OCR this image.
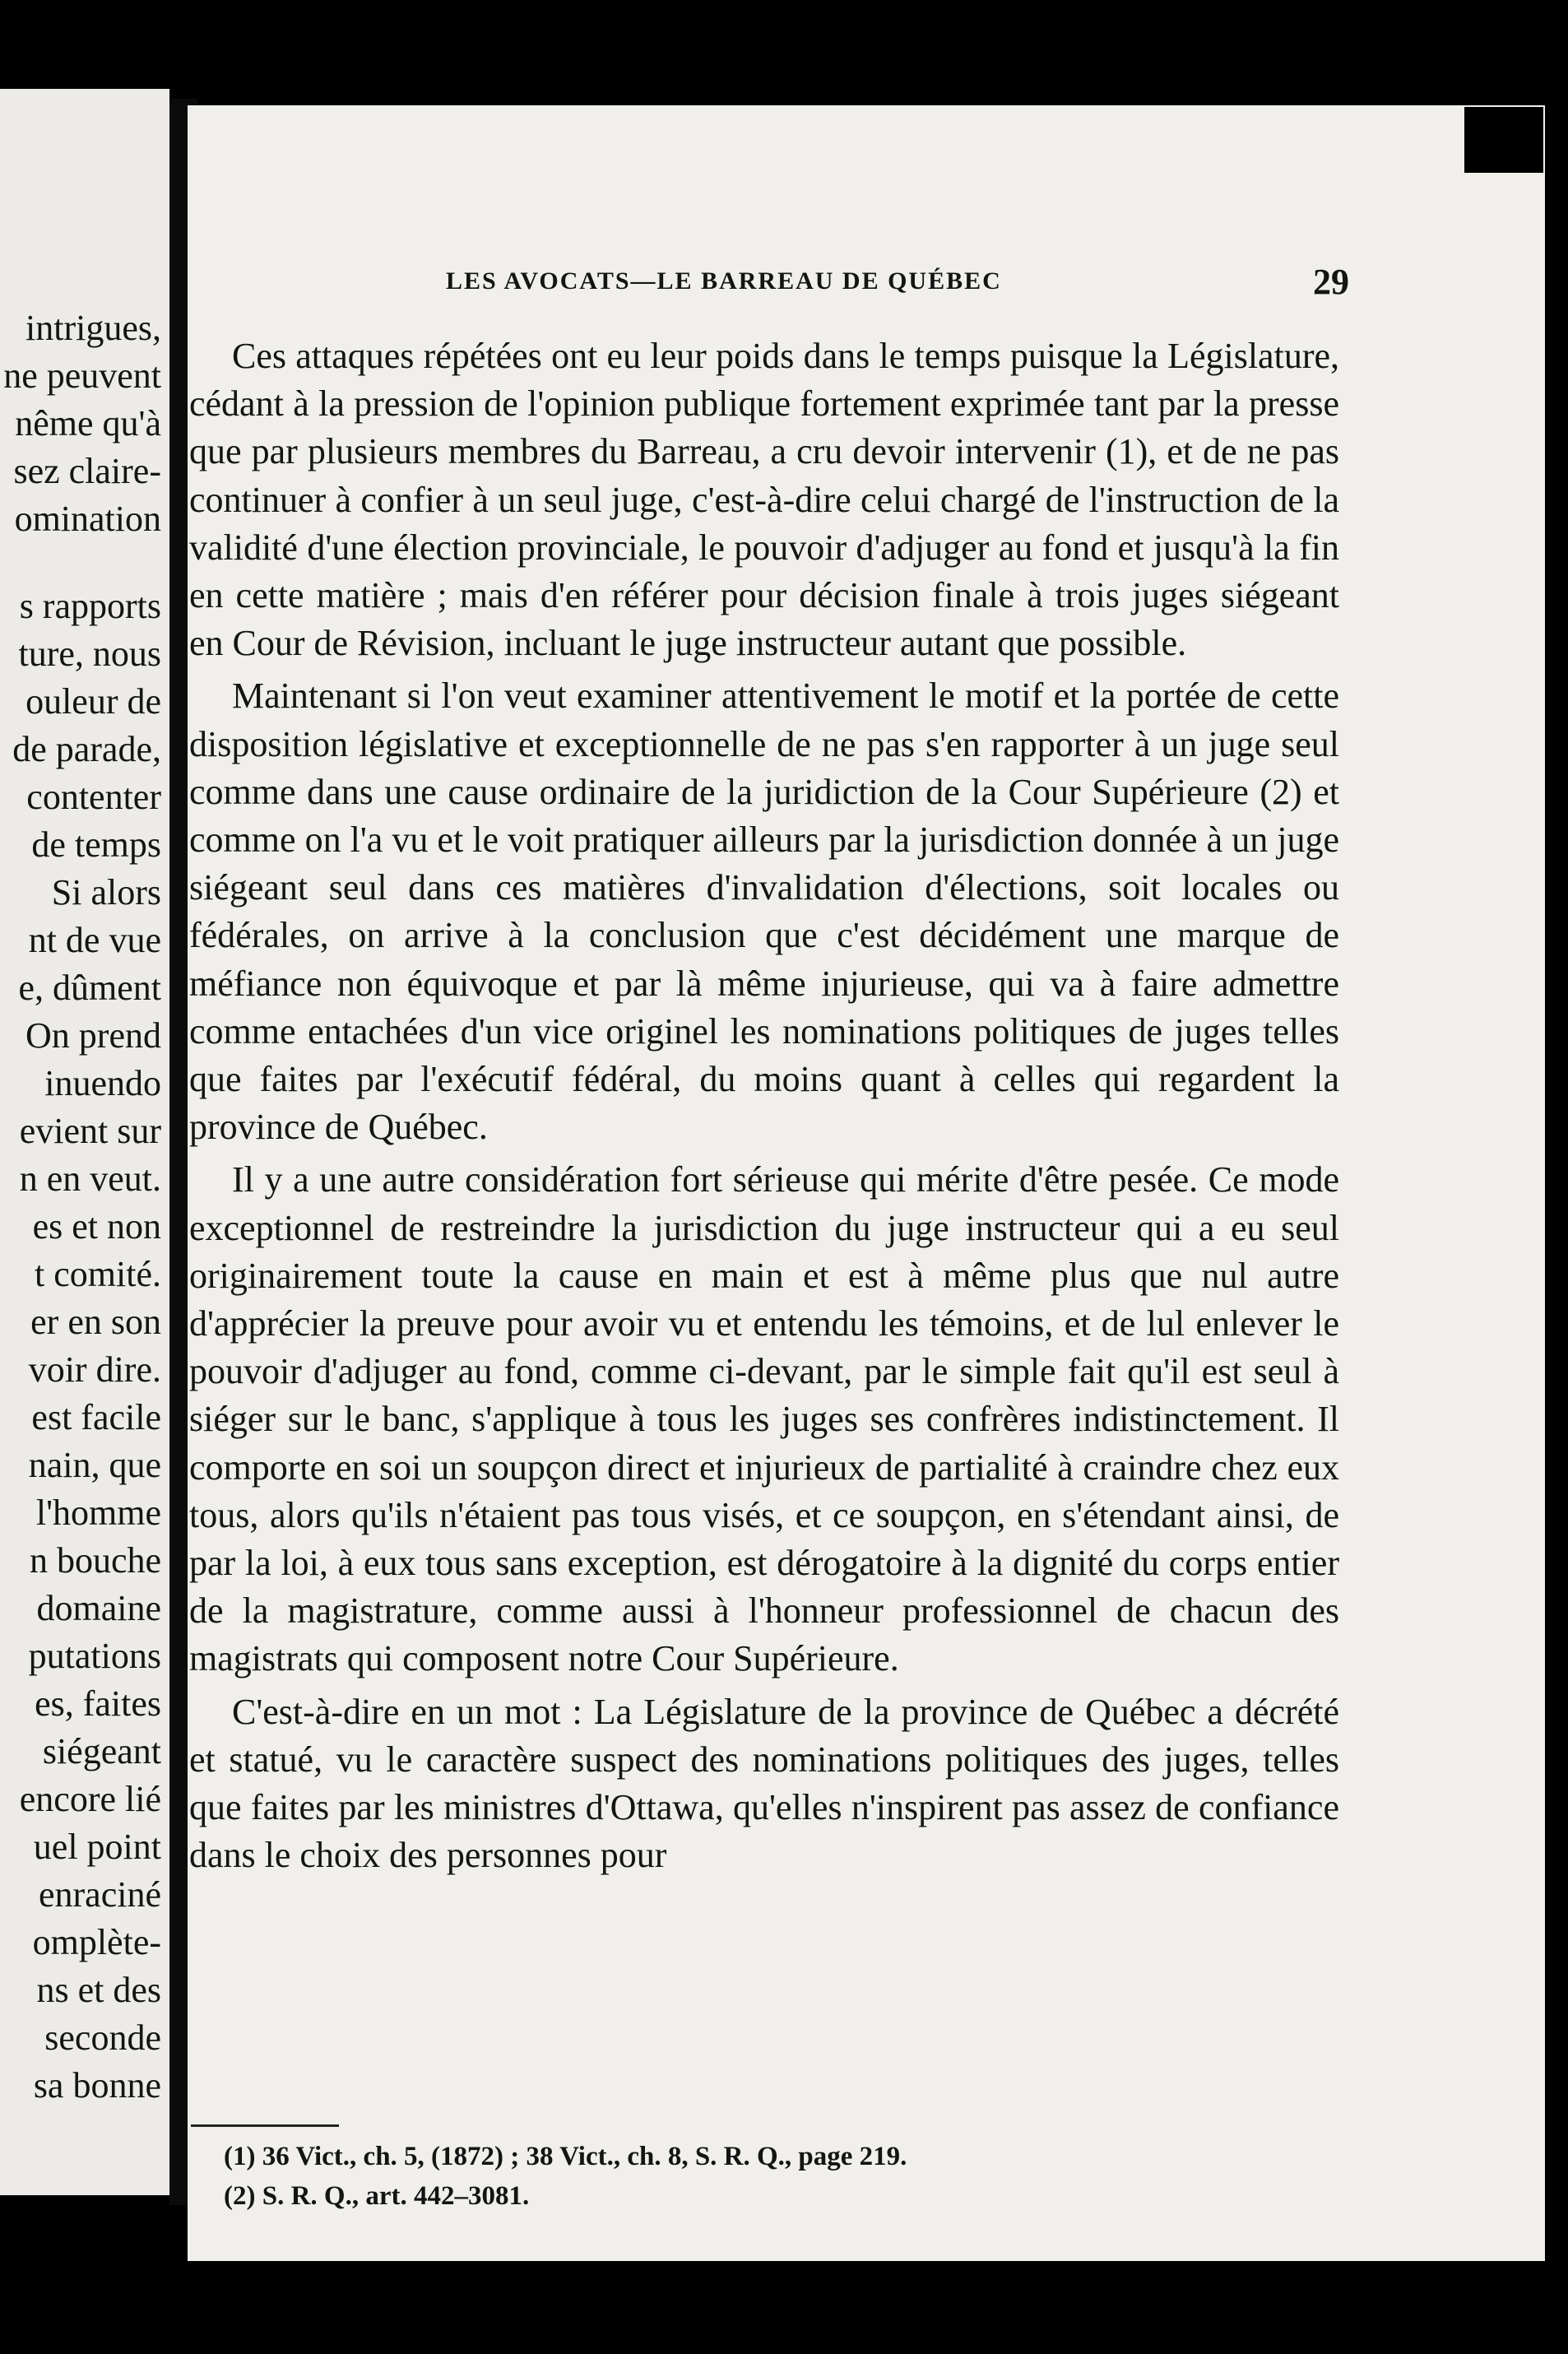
intrigues,
ne peuvent
nême qu'à
sez claire-
omination
s rapports
ture, nous
ouleur de
de parade,
contenter
de temps
Si alors
nt de vue
e, dûment
On prend
inuendo
evient sur
n en veut.
es et non
t comité.
er en son
voir dire.
est facile
nain, que
l'homme
n bouche
domaine
putations
es, faites
siégeant
encore lié
uel point
enraciné
omplète-
ns et des
seconde
sa bonne
LES AVOCATS—LE BARREAU DE QUÉBEC	29

Ces attaques répétées ont eu leur poids dans le temps puisque la Législature, cédant à la pression de l'opinion publique fortement exprimée tant par la presse que par plusieurs membres du Barreau, a cru devoir intervenir (1), et de ne pas continuer à confier à un seul juge, c'est-à-dire celui chargé de l'instruction de la validité d'une élection provinciale, le pouvoir d'adjuger au fond et jusqu'à la fin en cette matière ; mais d'en référer pour décision finale à trois juges siégeant en Cour de Révision, incluant le juge instructeur autant que possible.

Maintenant si l'on veut examiner attentivement le motif et la portée de cette disposition législative et exceptionnelle de ne pas s'en rapporter à un juge seul comme dans une cause ordinaire de la juridiction de la Cour Supérieure (2) et comme on l'a vu et le voit pratiquer ailleurs par la jurisdiction donnée à un juge siégeant seul dans ces matières d'invalidation d'élections, soit locales ou fédérales, on arrive à la conclusion que c'est décidément une marque de méfiance non équivoque et par là même injurieuse, qui va à faire admettre comme entachées d'un vice originel les nominations politiques de juges telles que faites par l'exécutif fédéral, du moins quant à celles qui regardent la province de Québec.

Il y a une autre considération fort sérieuse qui mérite d'être pesée. Ce mode exceptionnel de restreindre la jurisdiction du juge instructeur qui a eu seul originairement toute la cause en main et est à même plus que nul autre d'apprécier la preuve pour avoir vu et entendu les témoins, et de lul enlever le pouvoir d'adjuger au fond, comme ci-devant, par le simple fait qu'il est seul à siéger sur le banc, s'applique à tous les juges ses confrères indistinctement. Il comporte en soi un soupçon direct et injurieux de partialité à craindre chez eux tous, alors qu'ils n'étaient pas tous visés, et ce soupçon, en s'étendant ainsi, de par la loi, à eux tous sans exception, est dérogatoire à la dignité du corps entier de la magistrature, comme aussi à l'honneur professionnel de chacun des magistrats qui composent notre Cour Supérieure.

C'est-à-dire en un mot : La Législature de la province de Québec a décrété et statué, vu le caractère suspect des nominations politiques des juges, telles que faites par les ministres d'Ottawa, qu'elles n'inspirent pas assez de confiance dans le choix des personnes pour

(1) 36 Vict., ch. 5, (1872) ; 38 Vict., ch. 8, S. R. Q., page 219.
(2) S. R. Q., art. 442–3081.
